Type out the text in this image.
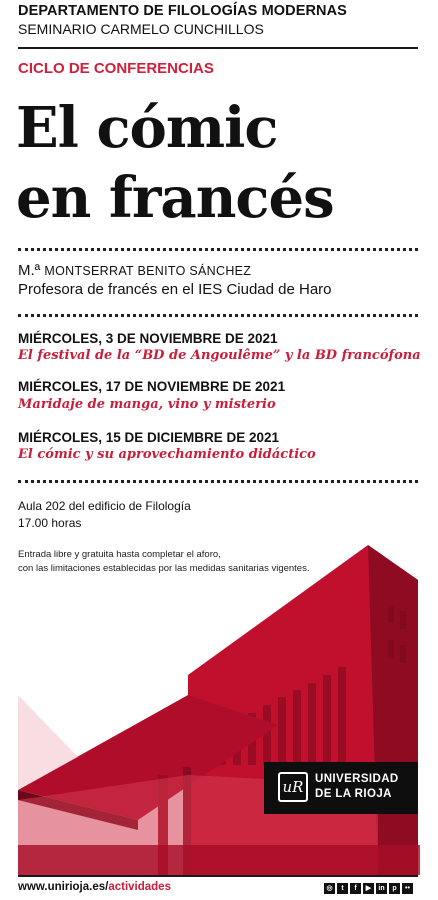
DEPARTAMENTO DE FILOLOGÍAS MODERNAS
SEMINARIO CARMELO CUNCHILLOS
CICLO DE CONFERENCIAS
El cómic
en francés
M.ª MONTSERRAT BENITO SÁNCHEZ
Profesora de francés en el IES Ciudad de Haro
MIÉRCOLES, 3 DE NOVIEMBRE DE 2021
El festival de la “BD de Angoulême” y la BD francófona
MIÉRCOLES, 17 DE NOVIEMBRE DE 2021
Maridaje de manga, vino y misterio
MIÉRCOLES, 15 DE DICIEMBRE DE 2021
El cómic y su aprovechamiento didáctico
Aula 202 del edificio de Filología
17.00 horas
Entrada libre y gratuita hasta completar el aforo,
con las limitaciones establecidas por las medidas sanitarias vigentes.
uR	UNIVERSIDAD
DE LA RIOJA
www.unirioja.es/actividades	◎	t	f	▶	in	p	••
